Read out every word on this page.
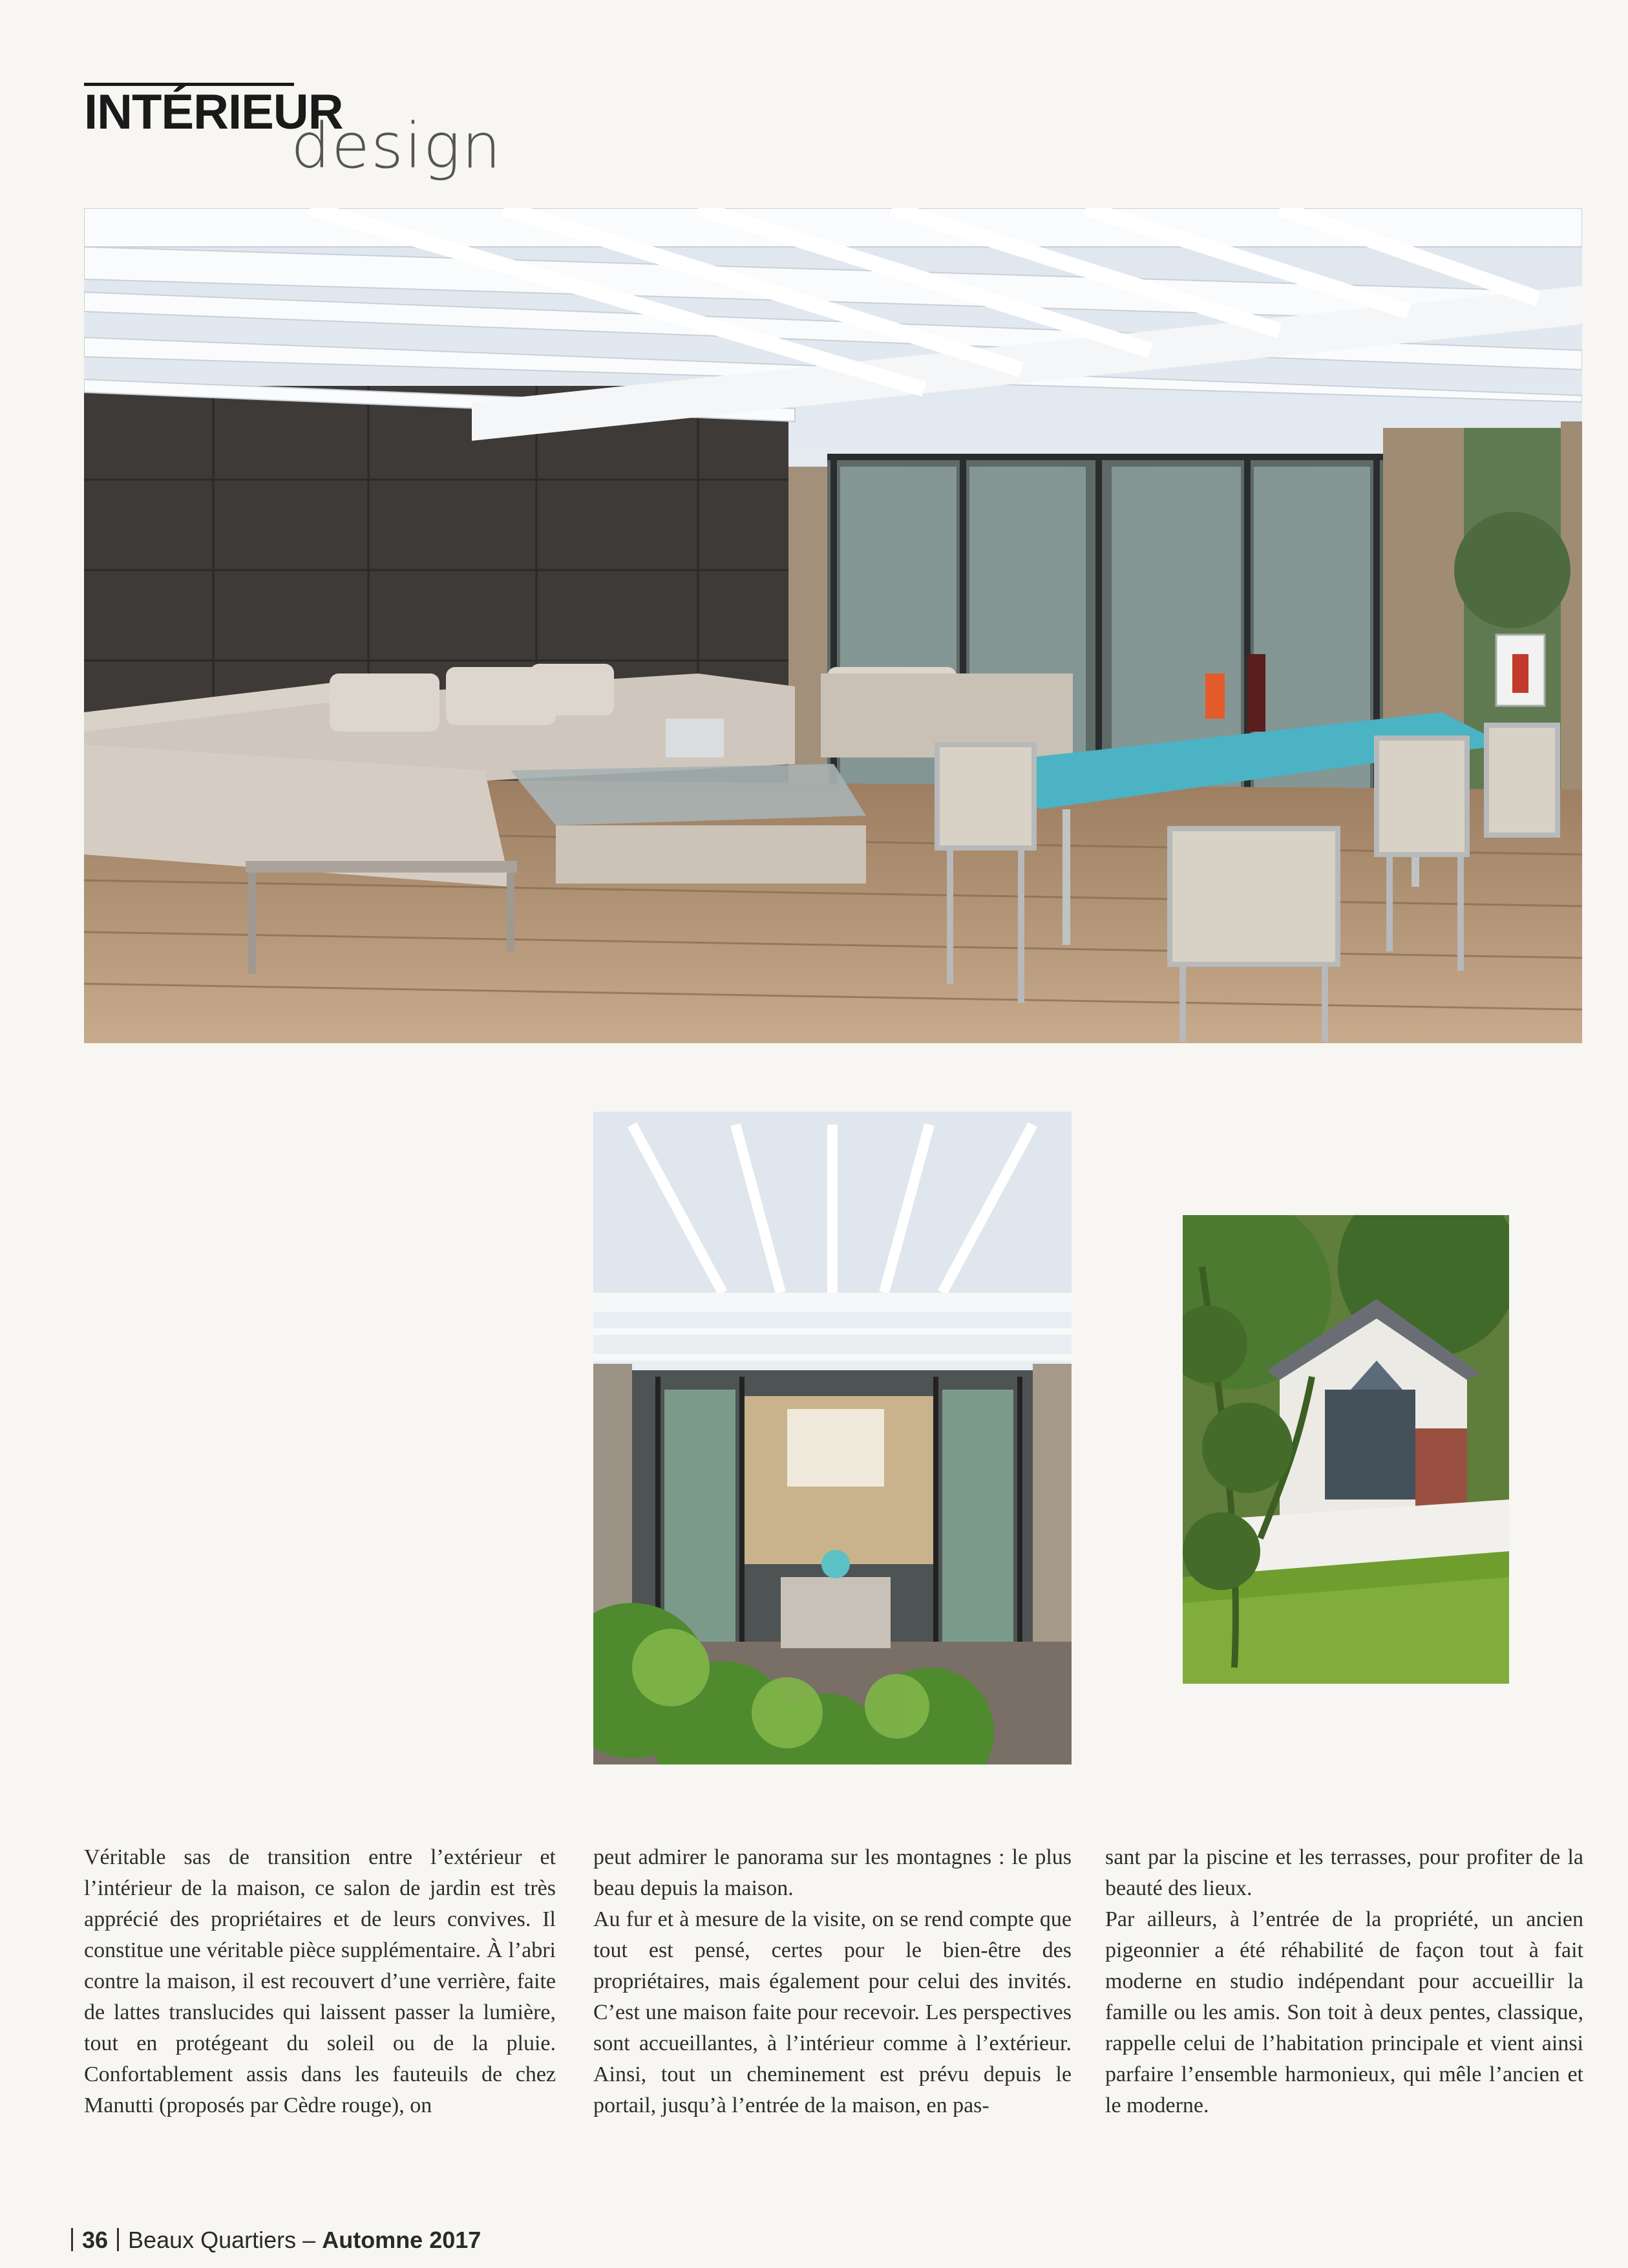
INTÉRIEUR
design

Véritable sas de transition entre l’extérieur et l’intérieur de la maison, ce salon de jardin est très apprécié des propriétaires et de leurs convives. Il constitue une véritable pièce supplémentaire. À l’abri contre la maison, il est recouvert d’une verrière, faite de lattes translucides qui laissent passer la lumière, tout en protégeant du soleil ou de la pluie. Confortablement assis dans les fauteuils de chez Manutti (proposés par Cèdre rouge), on

peut admirer le panorama sur les montagnes : le plus beau depuis la maison.

Au fur et à mesure de la visite, on se rend compte que tout est pensé, certes pour le bien-être des propriétaires, mais également pour celui des invités. C’est une maison faite pour recevoir. Les perspectives sont accueillantes, à l’intérieur comme à l’extérieur. Ainsi, tout un cheminement est prévu depuis le portail, jusqu’à l’entrée de la maison, en pas-

sant par la piscine et les terrasses, pour profiter de la beauté des lieux.

Par ailleurs, à l’entrée de la propriété, un ancien pigeonnier a été réhabilité de façon tout à fait moderne en studio indépendant pour accueillir la famille ou les amis. Son toit à deux pentes, classique, rappelle celui de l’habitation principale et vient ainsi parfaire l’ensemble harmonieux, qui mêle l’ancien et le moderne.

36 Beaux Quartiers – Automne 2017
